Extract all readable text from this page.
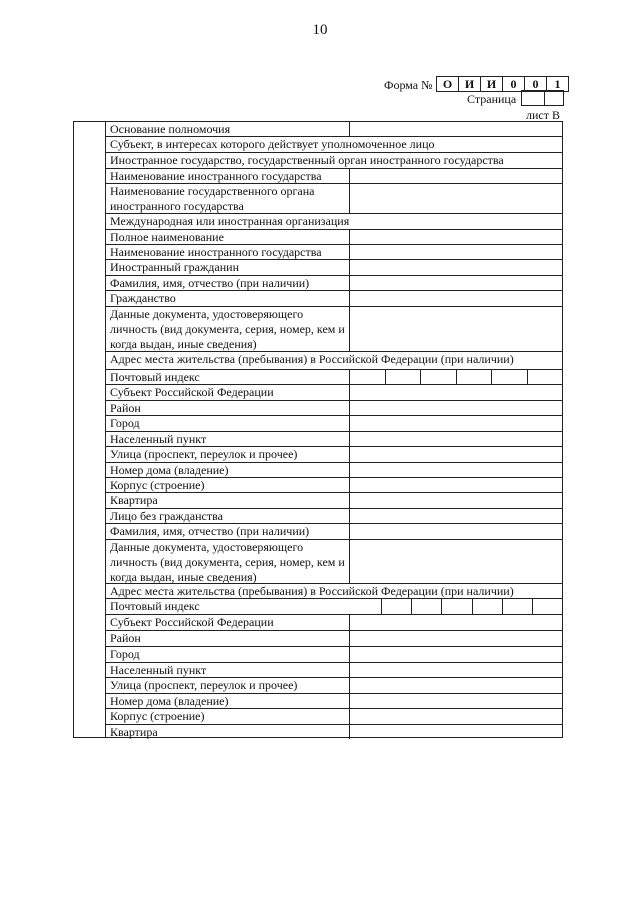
10
Форма № О	И	И	0	0	1
Страница
лист В
Основание полномочия
Субъект, в интересах которого действует уполномоченное лицо
Иностранное государство, государственный орган иностранного государства
Наименование иностранного государства
Наименование государственного органа иностранного государства
Международная или иностранная организация
Полное наименование
Наименование иностранного государства
Иностранный гражданин
Фамилия, имя, отчество (при наличии)
Гражданство
Данные документа, удостоверяющего личность (вид документа, серия, номер, кем и когда выдан, иные сведения)
Адрес места жительства (пребывания) в Российской Федерации (при наличии)
Почтовый индекс
Субъект Российской Федерации
Район
Город
Населенный пункт
Улица (проспект, переулок и прочее)
Номер дома (владение)
Корпус (строение)
Квартира
Лицо без гражданства
Фамилия, имя, отчество (при наличии)
Данные документа, удостоверяющего личность (вид документа, серия, номер, кем и когда выдан, иные сведения)
Адрес места жительства (пребывания) в Российской Федерации (при наличии)
Почтовый индекс
Субъект Российской Федерации
Район
Город
Населенный пункт
Улица (проспект, переулок и прочее)
Номер дома (владение)
Корпус (строение)
Квартира
